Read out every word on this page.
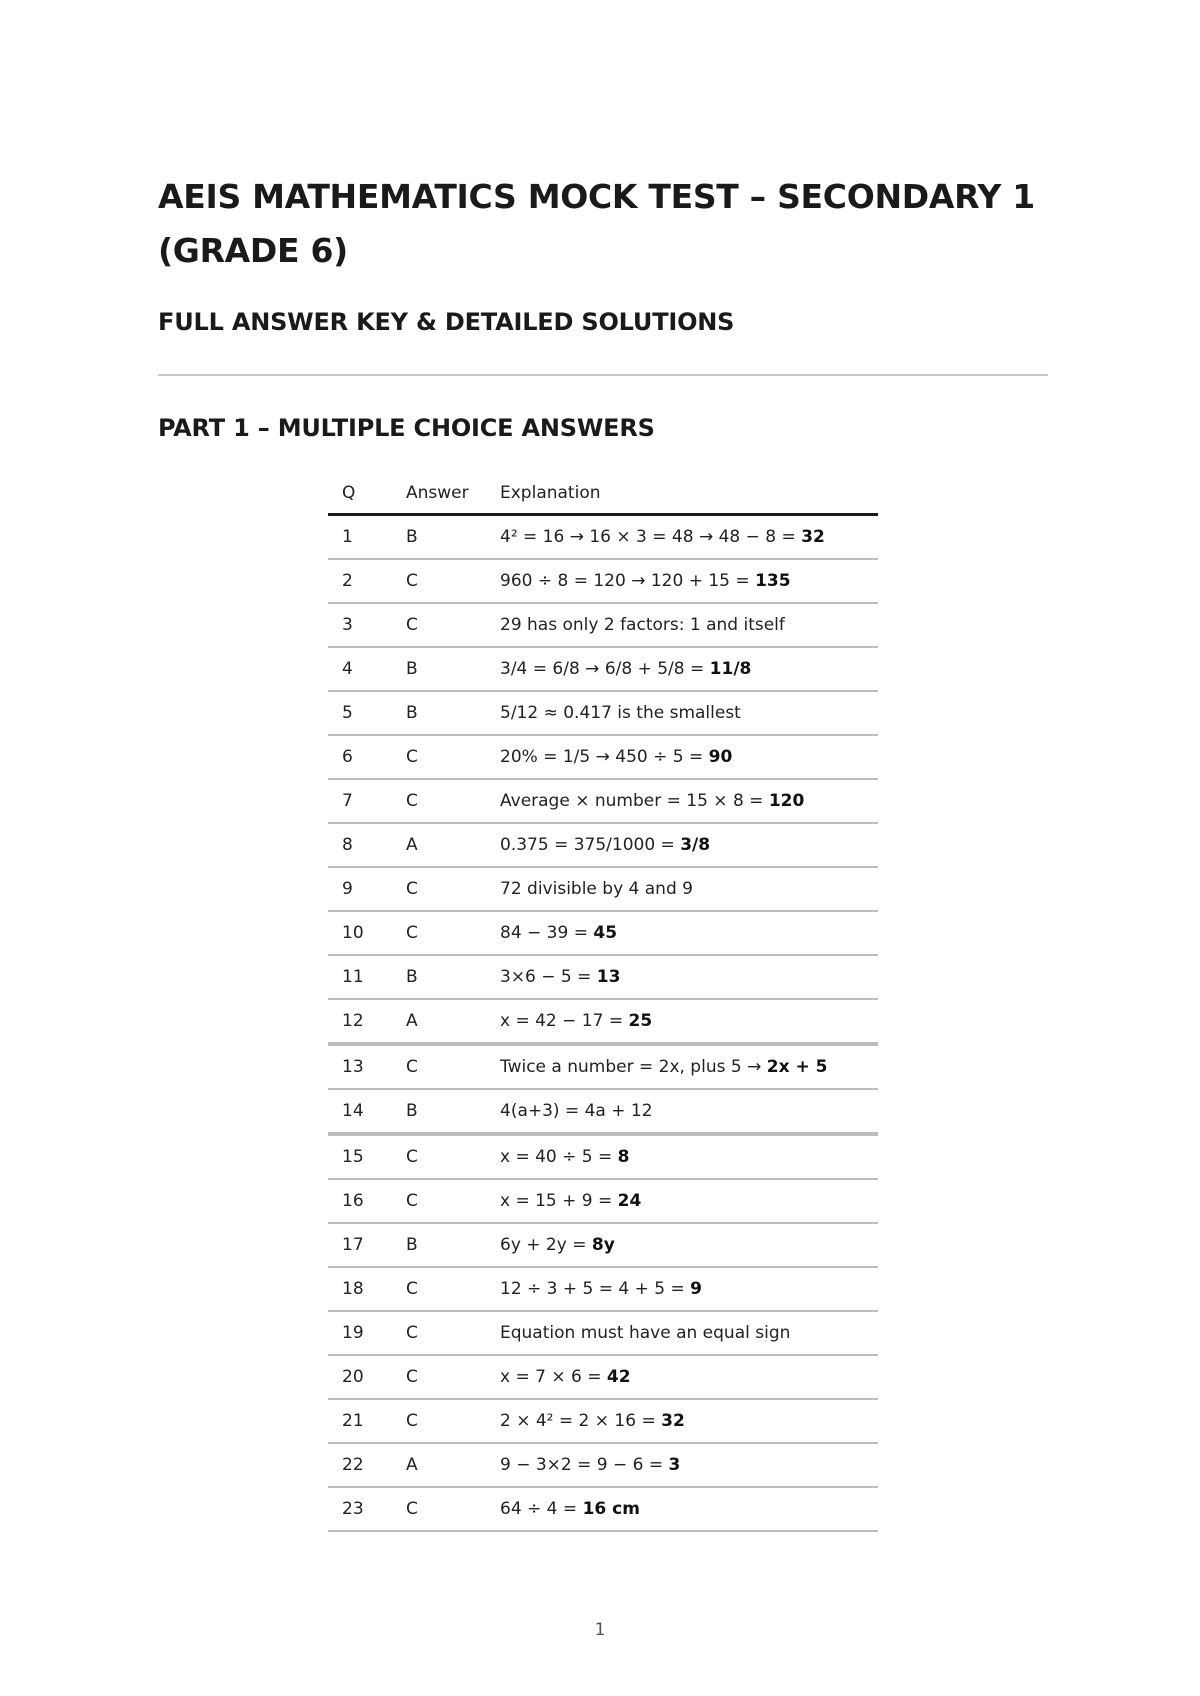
AEIS MATHEMATICS MOCK TEST – SECONDARY 1 (GRADE 6)
FULL ANSWER KEY & DETAILED SOLUTIONS
PART 1 – MULTIPLE CHOICE ANSWERS
Q	Answer	Explanation
1	B	4² = 16 → 16 × 3 = 48 → 48 − 8 = 32
2	C	960 ÷ 8 = 120 → 120 + 15 = 135
3	C	29 has only 2 factors: 1 and itself
4	B	3/4 = 6/8 → 6/8 + 5/8 = 11/8
5	B	5/12 ≈ 0.417 is the smallest
6	C	20% = 1/5 → 450 ÷ 5 = 90
7	C	Average × number = 15 × 8 = 120
8	A	0.375 = 375/1000 = 3/8
9	C	72 divisible by 4 and 9
10	C	84 − 39 = 45
11	B	3×6 − 5 = 13
12	A	x = 42 − 17 = 25
13	C	Twice a number = 2x, plus 5 → 2x + 5
14	B	4(a+3) = 4a + 12
15	C	x = 40 ÷ 5 = 8
16	C	x = 15 + 9 = 24
17	B	6y + 2y = 8y
18	C	12 ÷ 3 + 5 = 4 + 5 = 9
19	C	Equation must have an equal sign
20	C	x = 7 × 6 = 42
21	C	2 × 4² = 2 × 16 = 32
22	A	9 − 3×2 = 9 − 6 = 3
23	C	64 ÷ 4 = 16 cm
1
